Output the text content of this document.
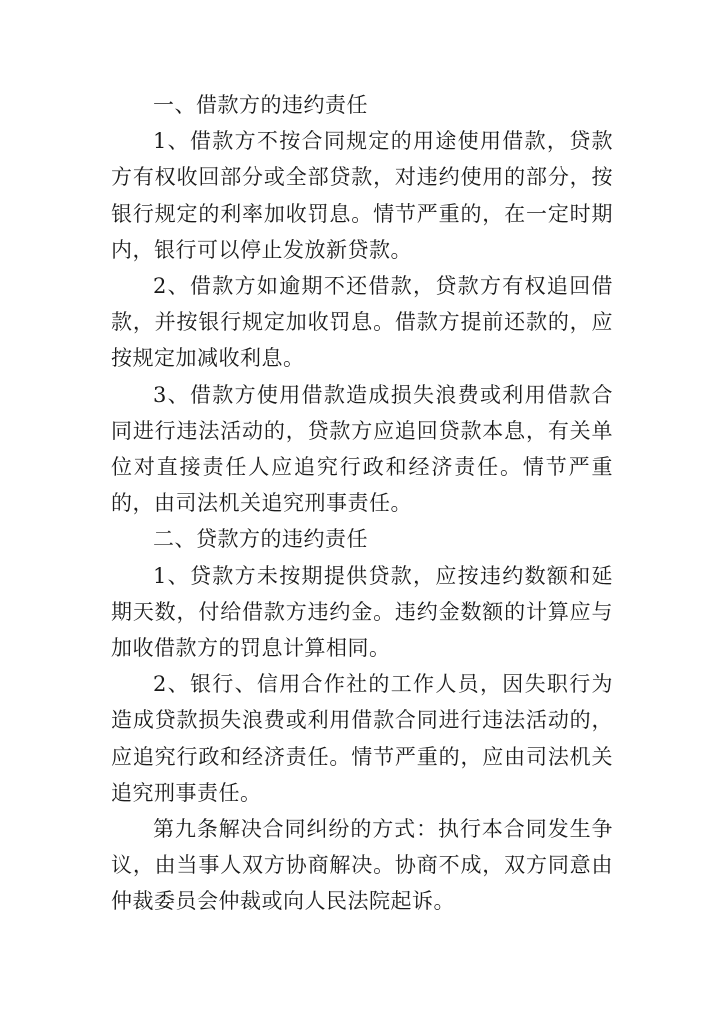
一、借款方的违约责任

1、借款方不按合同规定的用途使用借款，贷款方有权收回部分或全部贷款，对违约使用的部分，按银行规定的利率加收罚息。情节严重的，在一定时期内，银行可以停止发放新贷款。

2、借款方如逾期不还借款，贷款方有权追回借款，并按银行规定加收罚息。借款方提前还款的，应按规定加减收利息。

3、借款方使用借款造成损失浪费或利用借款合同进行违法活动的，贷款方应追回贷款本息，有关单位对直接责任人应追究行政和经济责任。情节严重的，由司法机关追究刑事责任。

二、贷款方的违约责任

1、贷款方未按期提供贷款，应按违约数额和延期天数，付给借款方违约金。违约金数额的计算应与加收借款方的罚息计算相同。

2、银行、信用合作社的工作人员，因失职行为造成贷款损失浪费或利用借款合同进行违法活动的，应追究行政和经济责任。情节严重的，应由司法机关追究刑事责任。

第九条解决合同纠纷的方式：执行本合同发生争议，由当事人双方协商解决。协商不成，双方同意由仲裁委员会仲裁或向人民法院起诉。
